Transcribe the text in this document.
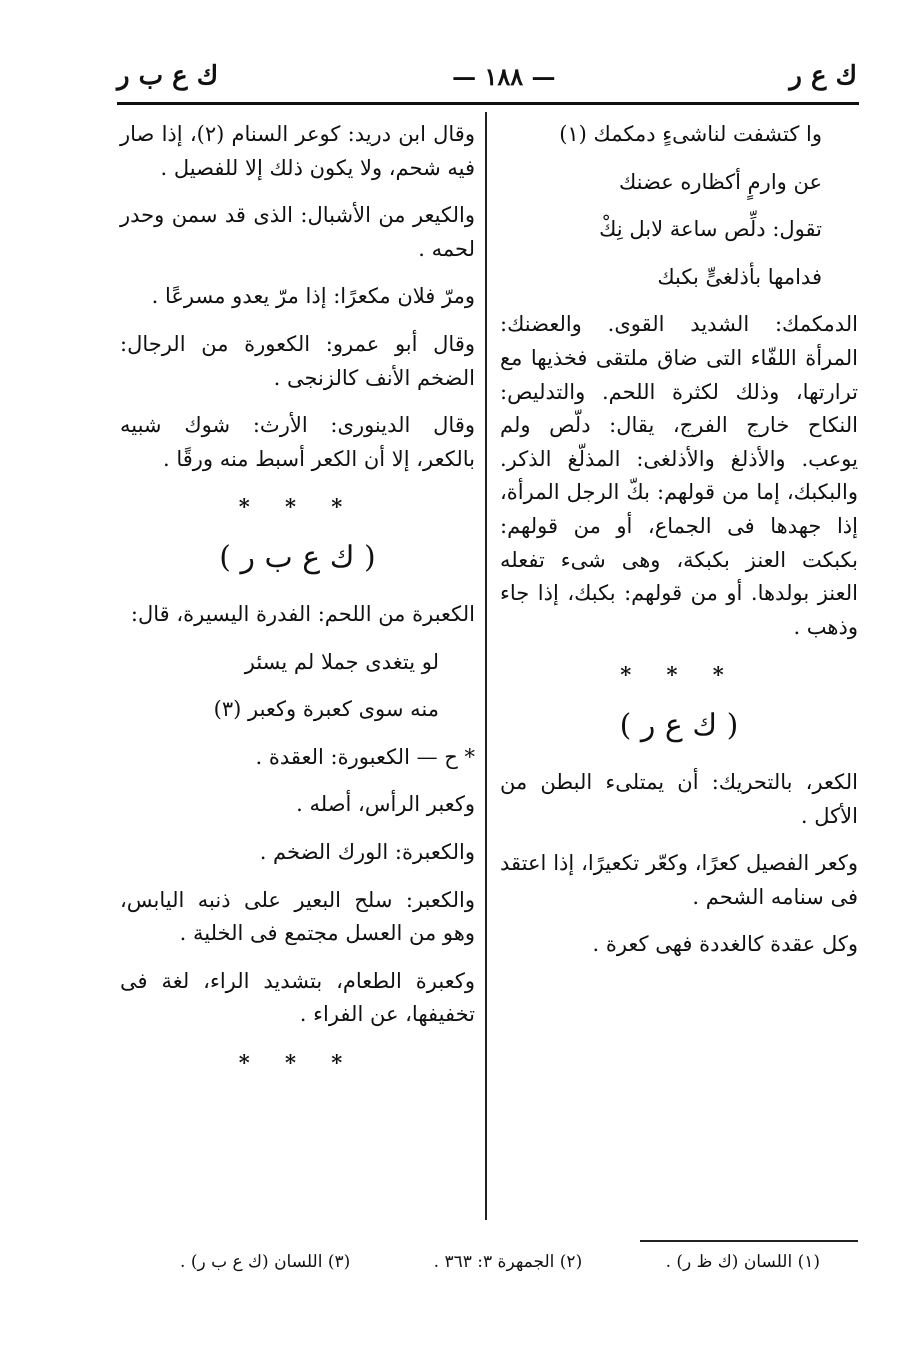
ك ع ر
— ١٨٨ —
ك ع ب ر

وا كتشفت لناشىءٍ دمكمك (١)

عن وارمٍ أكظاره عضنك

تقول: دلِّص ساعة لابل نِكْ

فدامها بأذلغىٍّ بكبك

الدمكمك: الشديد القوى. والعضنك: المرأة اللفّاء التى ضاق ملتقى فخذيها مع ترارتها، وذلك لكثرة اللحم. والتدليص: النكاح خارج الفرج، يقال: دلّص ولم يوعب. والأذلغ والأذلغى: المذلّغ الذكر. والبكبك، إما من قولهم: بكّ الرجل المرأة، إذا جهدها فى الجماع، أو من قولهم: بكبكت العنز بكبكة، وهى شىء تفعله العنز بولدها. أو من قولهم: بكبك، إذا جاء وذهب .

* * *
( ك ع ر )

الكعر، بالتحريك: أن يمتلىء البطن من الأكل .

وكعر الفصيل كعرًا، وكعّر تكعيرًا، إذا اعتقد فى سنامه الشحم .

وكل عقدة كالغددة فهى كعرة .

وقال ابن دريد: كوعر السنام (٢)، إذا صار فيه شحم، ولا يكون ذلك إلا للفصيل .

والكيعر من الأشبال: الذى قد سمن وحدر لحمه .

ومرّ فلان مكعرًا: إذا مرّ يعدو مسرعًا .

وقال أبو عمرو: الكعورة من الرجال: الضخم الأنف كالزنجى .

وقال الدينورى: الأرث: شوك شبيه بالكعر، إلا أن الكعر أسبط منه ورقًا .

* * *
( ك ع ب ر )

الكعبرة من اللحم: الفدرة اليسيرة، قال:

لو يتغدى جملا لم يسئر

منه سوى كعبرة وكعبر (٣)

* ح — الكعبورة: العقدة .

وكعبر الرأس، أصله .

والكعبرة: الورك الضخم .

والكعبر: سلح البعير على ذنبه اليابس، وهو من العسل مجتمع فى الخلية .

وكعبرة الطعام، بتشديد الراء، لغة فى تخفيفها، عن الفراء .

* * *
(١) اللسان (ك ظ ر) .
(٢) الجمهرة ٣: ٣٦٣ .
(٣) اللسان (ك ع ب ر) .
